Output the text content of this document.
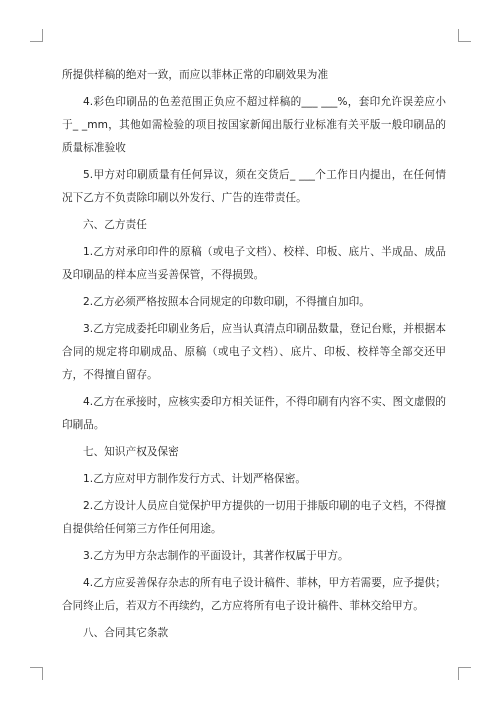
所提供样稿的绝对一致，而应以菲林正常的印刷效果为准

4.彩色印刷品的色差范围正负应不超过样稿的___ ___%，套印允许误差应小于_ _mm，其他如需检验的项目按国家新闻出版行业标准有关平版一般印刷品的质量标准验收

5.甲方对印刷质量有任何异议，须在交货后_ ___个工作日内提出，在任何情况下乙方不负责除印刷以外发行、广告的连带责任。

六、乙方责任

1.乙方对承印印件的原稿（或电子文档）、校样、印板、底片、半成品、成品及印刷品的样本应当妥善保管，不得损毁。

2.乙方必须严格按照本合同规定的印数印刷，不得擅自加印。

3.乙方完成委托印刷业务后，应当认真清点印刷品数量，登记台账，并根据本合同的规定将印刷成品、原稿（或电子文档）、底片、印板、校样等全部交还甲方，不得擅自留存。

4.乙方在承接时，应核实委印方相关证件，不得印刷有内容不实、图文虚假的印刷品。

七、知识产权及保密

1.乙方应对甲方制作发行方式、计划严格保密。

2.乙方设计人员应自觉保护甲方提供的一切用于排版印刷的电子文档，不得擅自提供给任何第三方作任何用途。

3.乙方为甲方杂志制作的平面设计，其著作权属于甲方。

4.乙方应妥善保存杂志的所有电子设计稿件、菲林，甲方若需要，应予提供；合同终止后，若双方不再续约，乙方应将所有电子设计稿件、菲林交给甲方。

八、合同其它条款
